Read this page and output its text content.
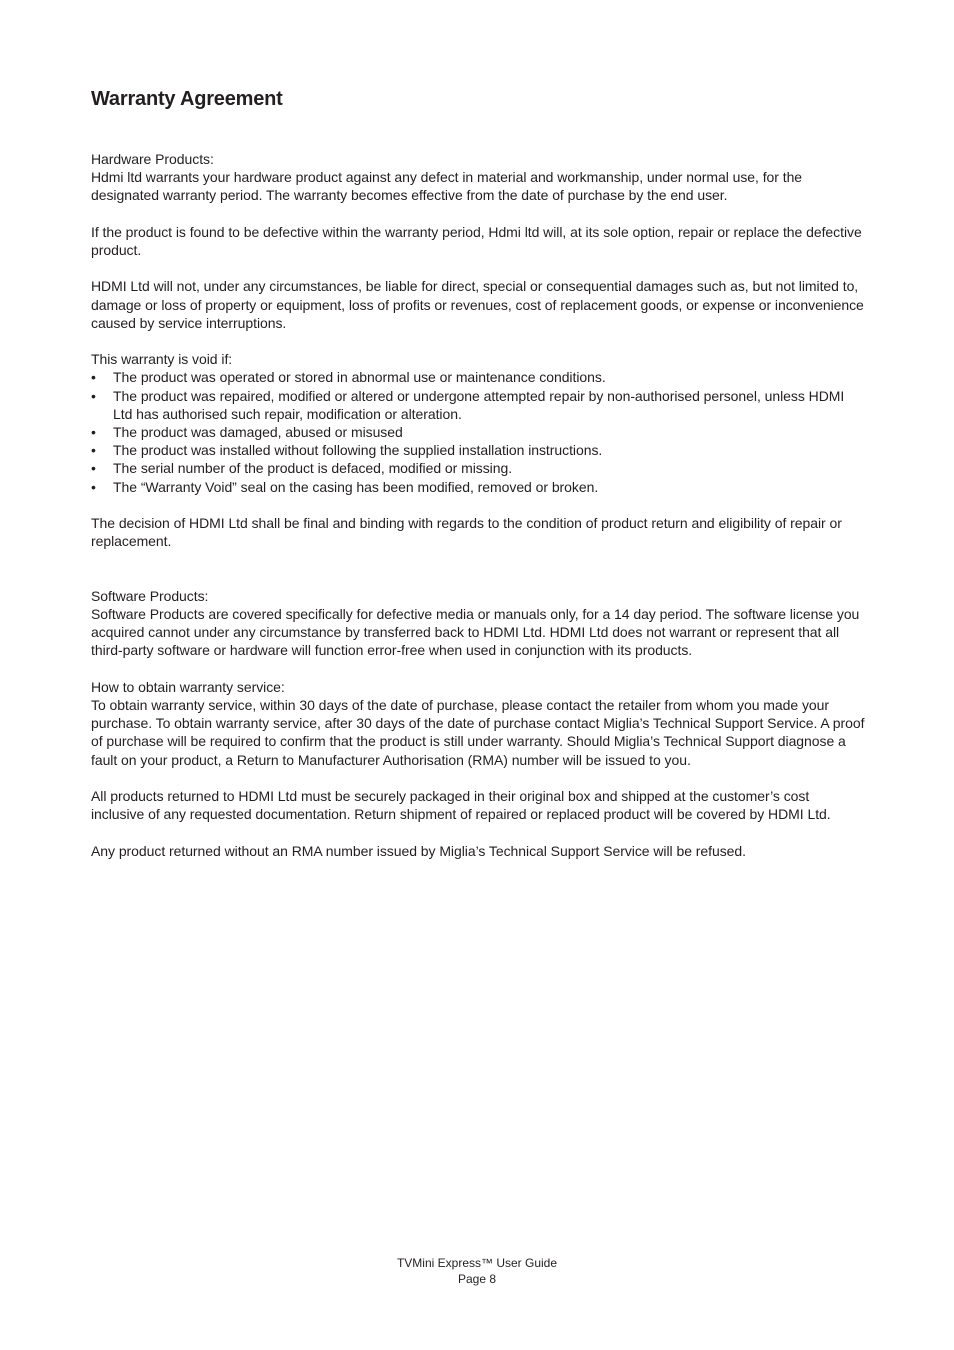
Warranty Agreement

Hardware Products:

Hdmi ltd warrants your hardware product against any defect in material and workmanship, under normal use, for the designated warranty period. The warranty becomes effective from the date of purchase by the end user.

If the product is found to be defective within the warranty period, Hdmi ltd will, at its sole option, repair or replace the defective product.

HDMI Ltd will not, under any circumstances, be liable for direct, special or consequential damages such as, but not limited to, damage or loss of property or equipment, loss of profits or revenues, cost of replacement goods, or expense or inconvenience caused by service interruptions.

This warranty is void if:

• The product was operated or stored in abnormal use or maintenance conditions.
• The product was repaired, modified or altered or undergone attempted repair by non-authorised personel, unless HDMI Ltd has authorised such repair, modification or alteration.
• The product was damaged, abused or misused
• The product was installed without following the supplied installation instructions.
• The serial number of the product is defaced, modified or missing.
• The “Warranty Void” seal on the casing has been modified, removed or broken.

The decision of HDMI Ltd shall be final and binding with regards to the condition of product return and eligibility of repair or replacement.

Software Products:

Software Products are covered specifically for defective media or manuals only, for a 14 day period. The software license you acquired cannot under any circumstance by transferred back to HDMI Ltd. HDMI Ltd does not warrant or represent that all third-party software or hardware will function error-free when used in conjunction with its products.

How to obtain warranty service:

To obtain warranty service, within 30 days of the date of purchase, please contact the retailer from whom you made your purchase. To obtain warranty service, after 30 days of the date of purchase contact Miglia’s Technical Support Service. A proof of purchase will be required to confirm that the product is still under warranty. Should Miglia’s Technical Support diagnose a fault on your product, a Return to Manufacturer Authorisation (RMA) number will be issued to you.

All products returned to HDMI Ltd must be securely packaged in their original box and shipped at the customer’s cost inclusive of any requested documentation. Return shipment of repaired or replaced product will be covered by HDMI Ltd.

Any product returned without an RMA number issued by Miglia’s Technical Support Service will be refused.

TVMini Express™ User Guide
Page 8
